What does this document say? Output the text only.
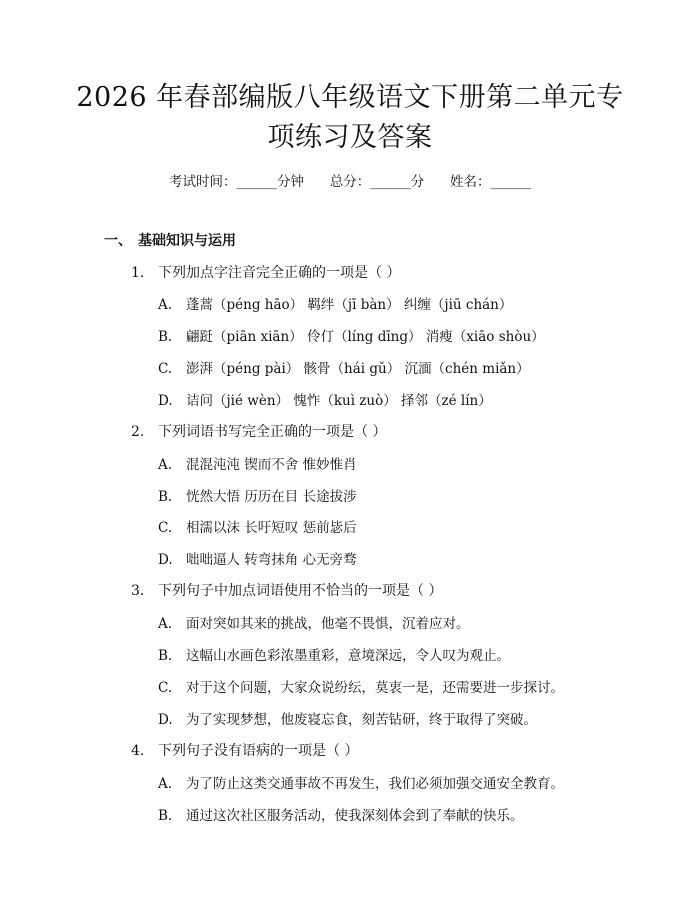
2026 年春部编版八年级语文下册第二单元专
项练习及答案
考试时间：______分钟      总分：______分      姓名：______
一、 基础知识与运用
1. 下列加点字注音完全正确的一项是（ ）
A. 蓬蒿（péng hāo） 羁绊（jī bàn） 纠缠（jiū chán）
B. 翩跹（piān xiān） 伶仃（líng dīng） 消瘦（xiāo shòu）
C. 澎湃（péng pài） 骸骨（hái gǔ） 沉湎（chén miǎn）
D. 诘问（jié wèn） 愧怍（kuì zuò） 择邻（zé lín）
2. 下列词语书写完全正确的一项是（ ）
A. 混混沌沌 锲而不舍 惟妙惟肖
B. 恍然大悟 历历在目 长途拔涉
C. 相濡以沫 长吁短叹 惩前毖后
D. 咄咄逼人 转弯抹角 心无旁骛
3. 下列句子中加点词语使用不恰当的一项是（ ）
A. 面对突如其来的挑战，他毫不畏惧，沉着应对。
B. 这幅山水画色彩浓墨重彩，意境深远，令人叹为观止。
C. 对于这个问题，大家众说纷纭，莫衷一是，还需要进一步探讨。
D. 为了实现梦想，他废寝忘食，刻苦钻研，终于取得了突破。
4. 下列句子没有语病的一项是（ ）
A. 为了防止这类交通事故不再发生，我们必须加强交通安全教育。
B. 通过这次社区服务活动，使我深刻体会到了奉献的快乐。
